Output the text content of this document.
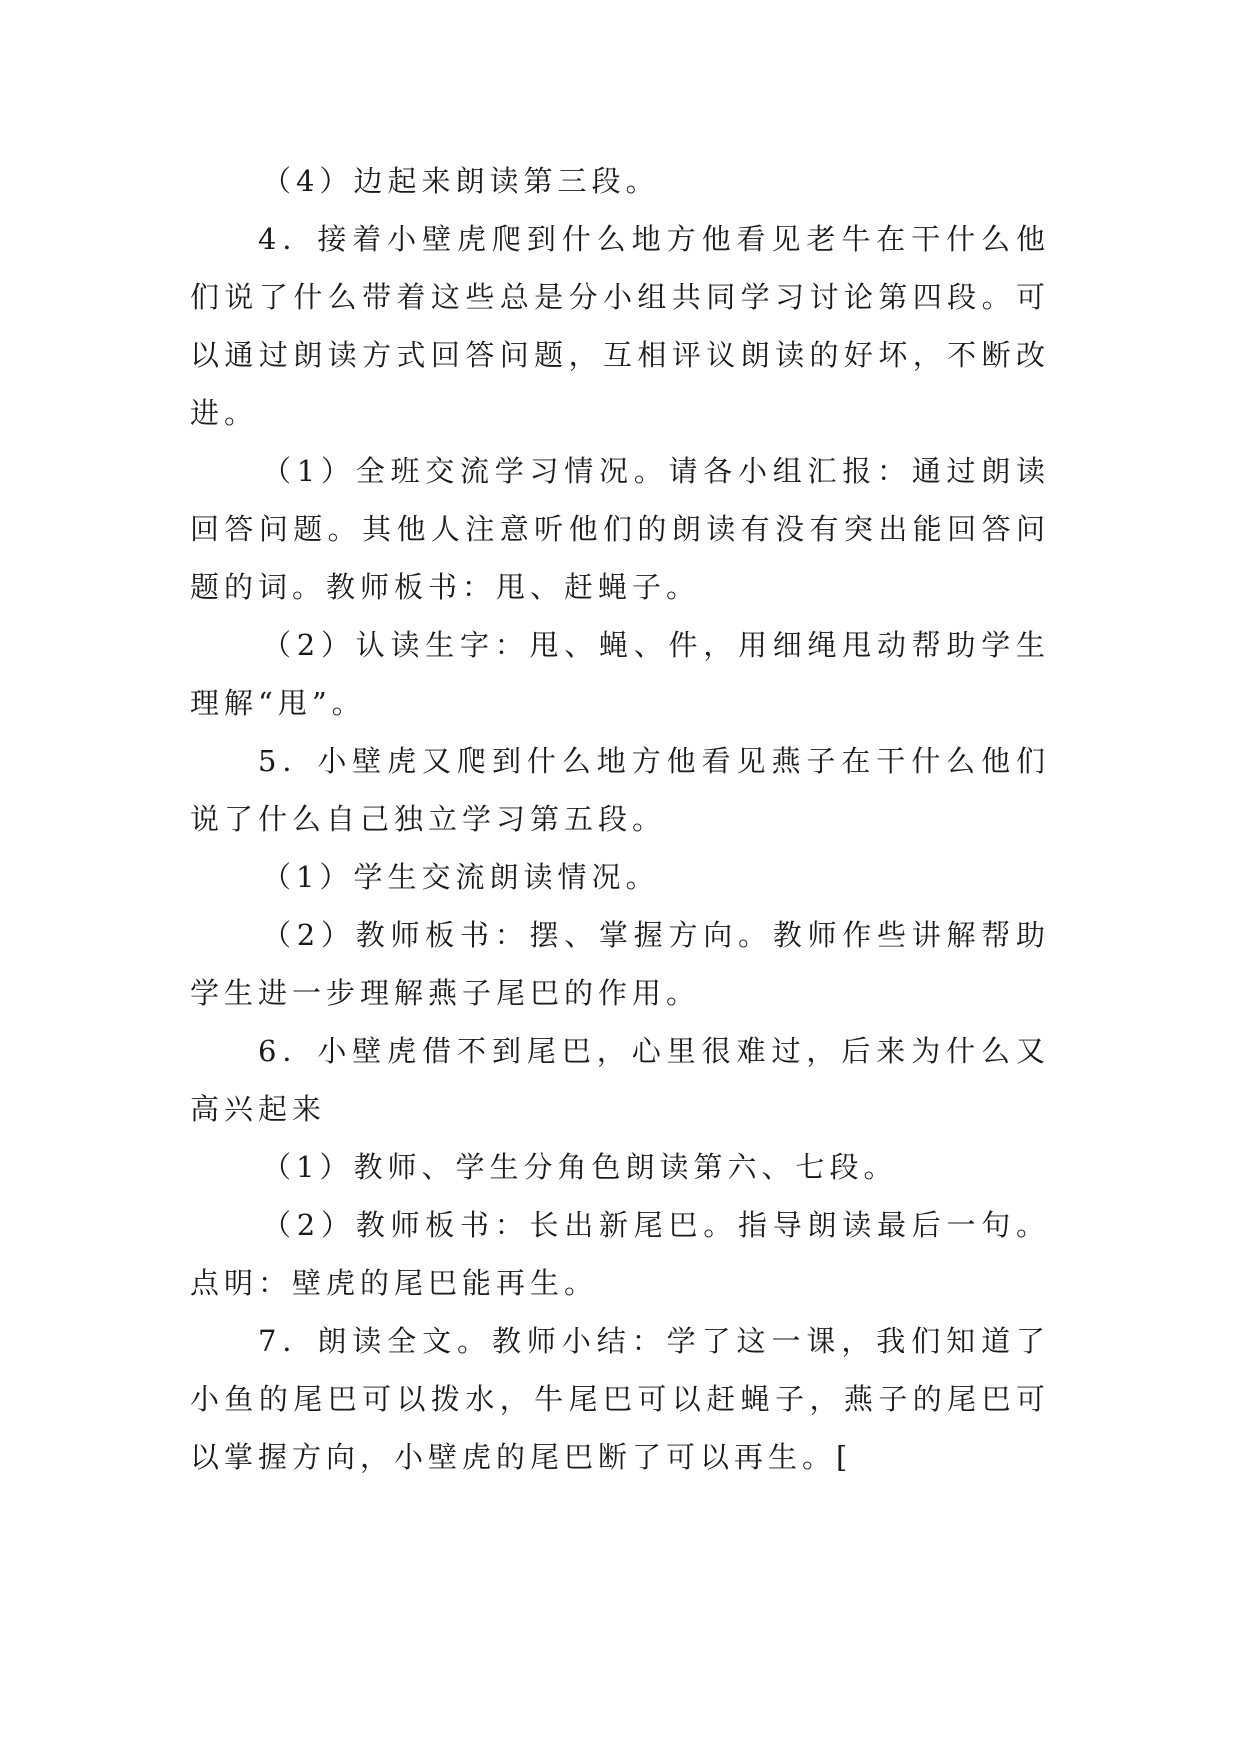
（4）边起来朗读第三段。

4．接着小壁虎爬到什么地方他看见老牛在干什么他们说了什么带着这些总是分小组共同学习讨论第四段。可以通过朗读方式回答问题，互相评议朗读的好坏，不断改进。

（1）全班交流学习情况。请各小组汇报：通过朗读回答问题。其他人注意听他们的朗读有没有突出能回答问题的词。教师板书：甩、赶蝇子。

（2）认读生字：甩、蝇、件，用细绳甩动帮助学生理解“甩”。

5．小壁虎又爬到什么地方他看见燕子在干什么他们说了什么自己独立学习第五段。

（1）学生交流朗读情况。

（2）教师板书：摆、掌握方向。教师作些讲解帮助学生进一步理解燕子尾巴的作用。

6．小壁虎借不到尾巴，心里很难过，后来为什么又高兴起来

（1）教师、学生分角色朗读第六、七段。

（2）教师板书：长出新尾巴。指导朗读最后一句。点明：壁虎的尾巴能再生。

7．朗读全文。教师小结：学了这一课，我们知道了小鱼的尾巴可以拨水，牛尾巴可以赶蝇子，燕子的尾巴可以掌握方向，小壁虎的尾巴断了可以再生。[
